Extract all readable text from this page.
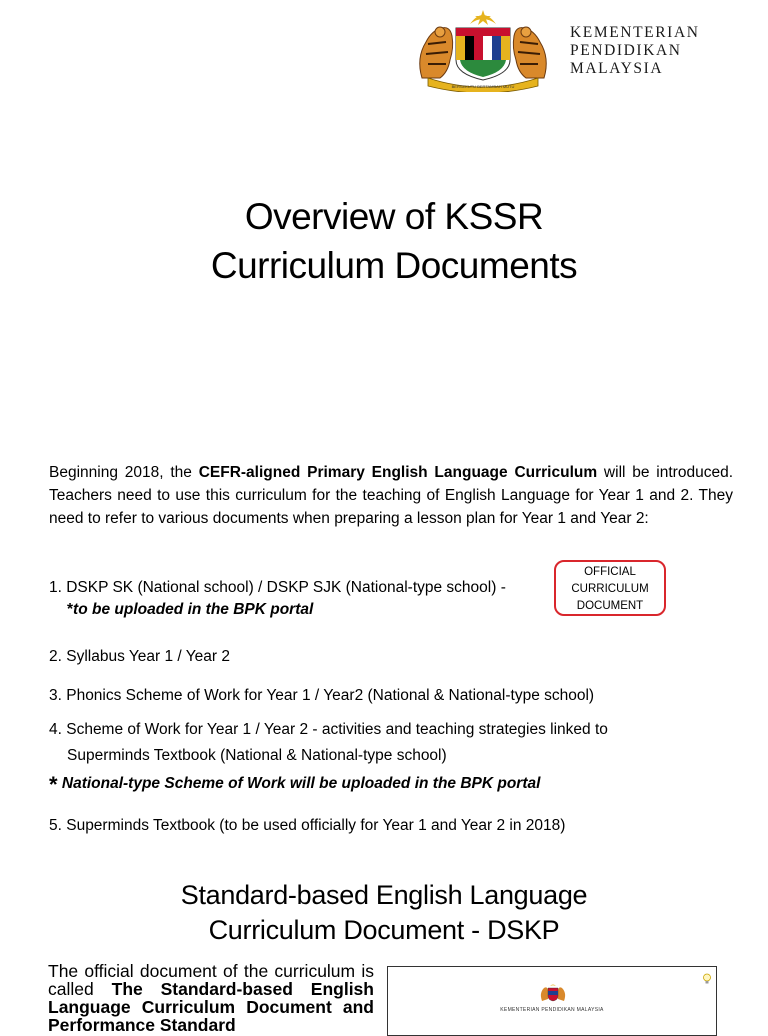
BERSEKUTU BERTAMBAH MUTU
KEMENTERIAN
PENDIDIKAN
MALAYSIA
Overview of KSSR
Curriculum Documents
Beginning 2018, the CEFR-aligned Primary English Language Curriculum will be introduced. Teachers need to use this curriculum for the teaching of English Language for Year 1 and 2. They need to refer to various documents when preparing a lesson plan for Year 1 and Year 2:
1. DSKP SK (National school) / DSKP SJK (National-type school) -
*to be uploaded in the BPK portal
OFFICIAL
CURRICULUM
DOCUMENT
2. Syllabus Year 1 / Year 2
3. Phonics Scheme of Work for Year 1 / Year2 (National & National-type school)
4. Scheme of Work for Year 1 / Year 2 - activities and teaching strategies linked to
Superminds Textbook (National & National-type school)
* National-type Scheme of Work will be uploaded in the BPK portal
5. Superminds Textbook (to be used officially for Year 1 and Year 2 in 2018)
Standard-based English Language
Curriculum Document - DSKP
The official document of the curriculum is called The Standard-based English Language Curriculum Document and Performance Standard
KEMENTERIAN PENDIDIKAN MALAYSIA
